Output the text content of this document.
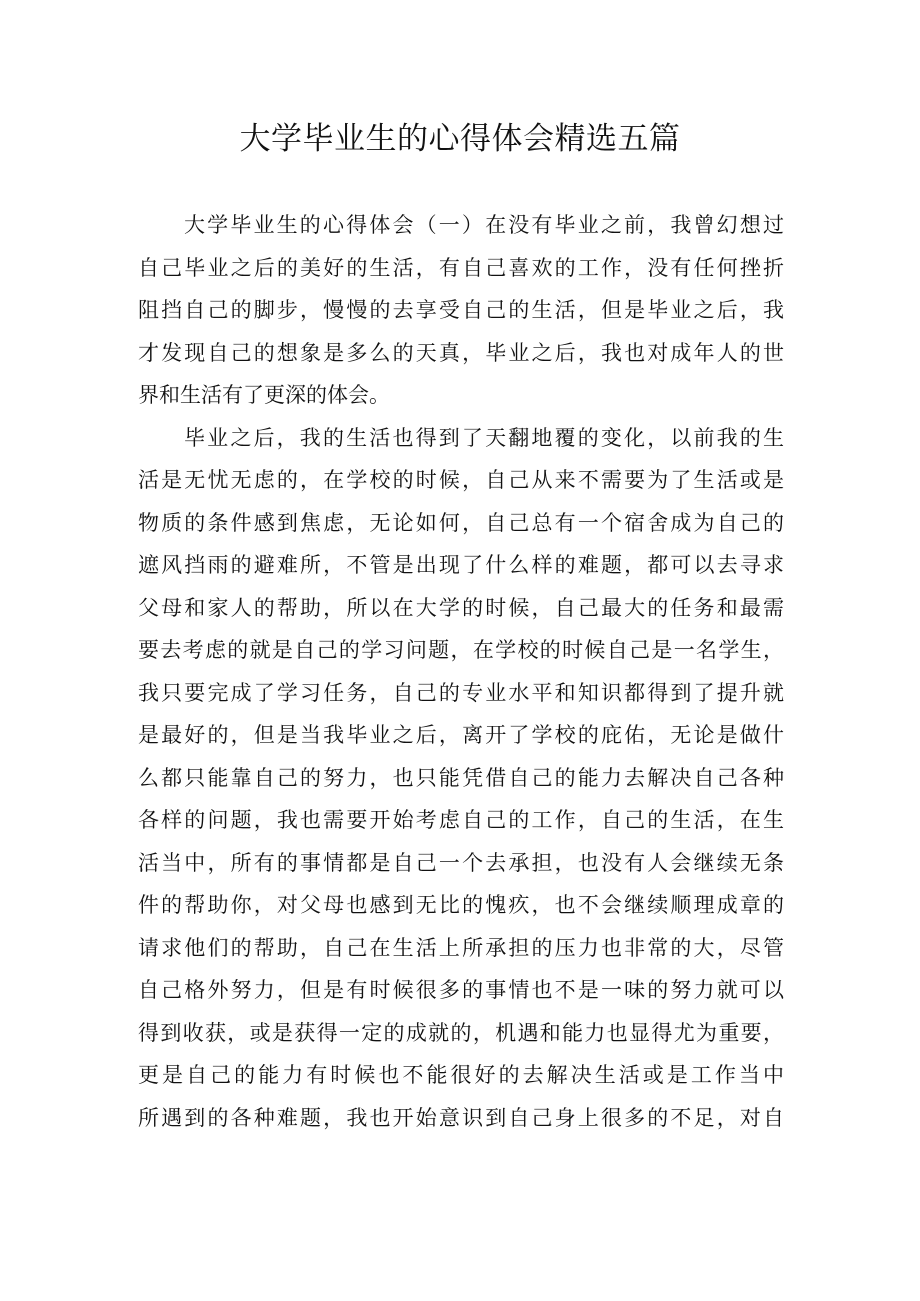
大学毕业生的心得体会精选五篇
大学毕业生的心得体会（一）在没有毕业之前，我曾幻想过
自己毕业之后的美好的生活，有自己喜欢的工作，没有任何挫折
阻挡自己的脚步，慢慢的去享受自己的生活，但是毕业之后，我
才发现自己的想象是多么的天真，毕业之后，我也对成年人的世
界和生活有了更深的体会。
毕业之后，我的生活也得到了天翻地覆的变化，以前我的生
活是无忧无虑的，在学校的时候，自己从来不需要为了生活或是
物质的条件感到焦虑，无论如何，自己总有一个宿舍成为自己的
遮风挡雨的避难所，不管是出现了什么样的难题，都可以去寻求
父母和家人的帮助，所以在大学的时候，自己最大的任务和最需
要去考虑的就是自己的学习问题，在学校的时候自己是一名学生，
我只要完成了学习任务，自己的专业水平和知识都得到了提升就
是最好的，但是当我毕业之后，离开了学校的庇佑，无论是做什
么都只能靠自己的努力，也只能凭借自己的能力去解决自己各种
各样的问题，我也需要开始考虑自己的工作，自己的生活，在生
活当中，所有的事情都是自己一个去承担，也没有人会继续无条
件的帮助你，对父母也感到无比的愧疚，也不会继续顺理成章的
请求他们的帮助，自己在生活上所承担的压力也非常的大，尽管
自己格外努力，但是有时候很多的事情也不是一味的努力就可以
得到收获，或是获得一定的成就的，机遇和能力也显得尤为重要，
更是自己的能力有时候也不能很好的去解决生活或是工作当中
所遇到的各种难题，我也开始意识到自己身上很多的不足，对自
